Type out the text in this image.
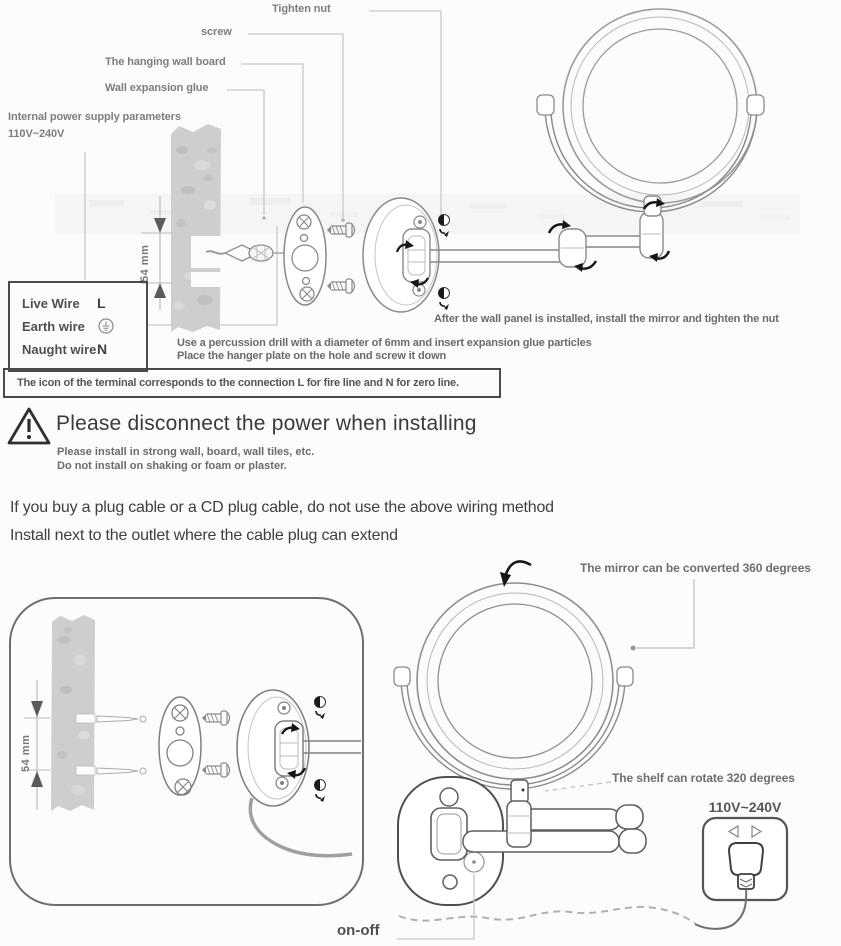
Tighten nut
screw
The hanging wall board
Wall expansion glue
Internal power supply parameters
110V~240V
54 mm
Live Wire L
Earth wire
Naught wire N
The icon of the terminal corresponds to the connection L for fire line and N for zero line.
After the wall panel is installed, install the mirror and tighten the nut
Use a percussion drill with a diameter of 6mm and insert expansion glue particles
Place the hanger plate on the hole and screw it down
Please disconnect the power when installing
Please install in strong wall, board, wall tiles, etc.
Do not install on shaking or foam or plaster.
If you buy a plug cable or a CD plug cable, do not use the above wiring method
Install next to the outlet where the cable plug can extend
The mirror can be converted 360 degrees
The shelf can rotate 320 degrees
110V~240V
on-off
54 mm
